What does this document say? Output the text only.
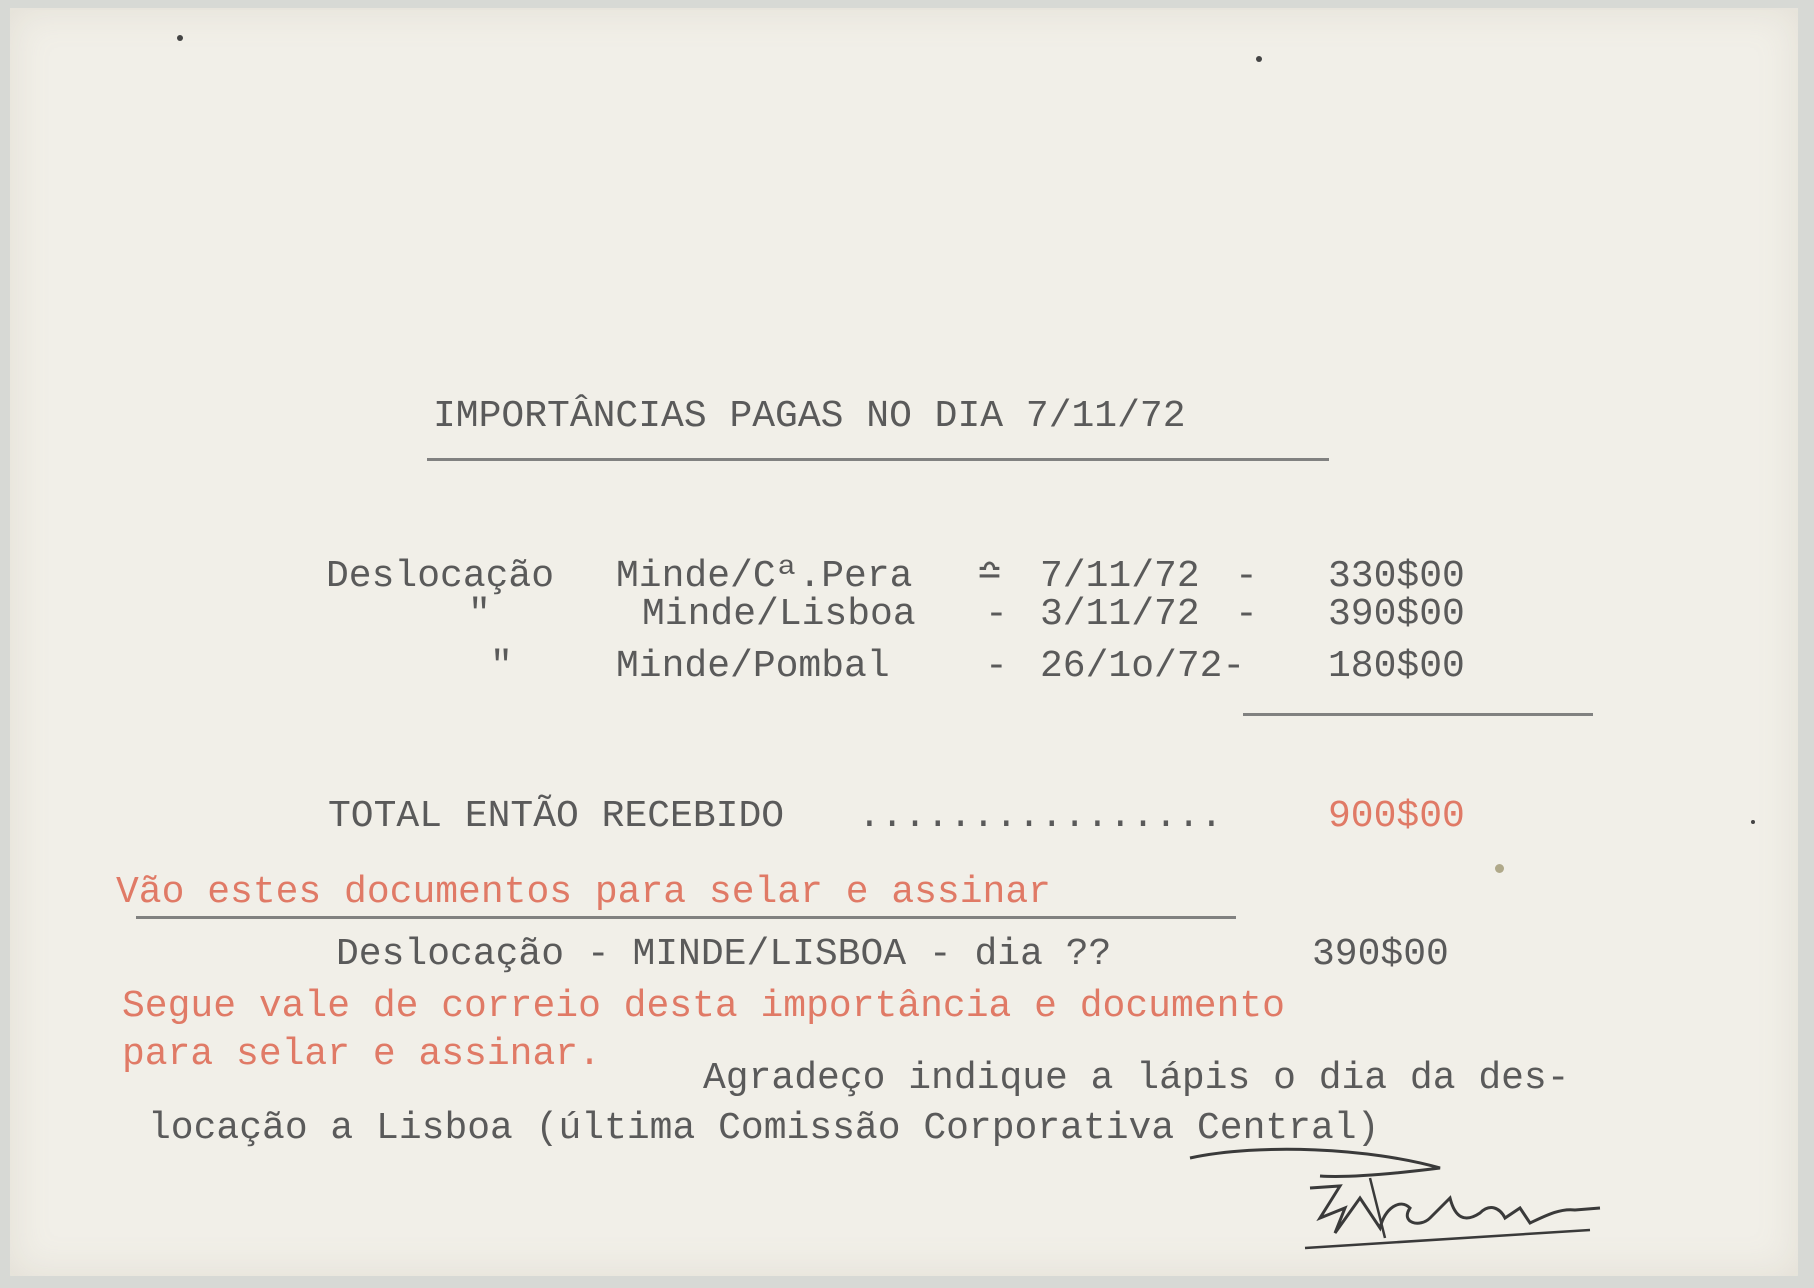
IMPORTÂNCIAS PAGAS NO DIA 7/11/72
Deslocação Minde/Cª.Pera ≏ 7/11/72 - 330$00
"	Minde/Lisboa - 3/11/72 - 390$00
"	Minde/Pombal	- 26/1o/72- 180$00
TOTAL ENTÃO RECEBIDO ................	900$00
Vão estes documentos para selar e assinar
Deslocação - MINDE/LISBOA - dia ??	390$00
Segue vale de correio desta importância e documento
para selar e assinar.
Agradeço indique a lápis o dia da des-
locação a Lisboa (última Comissão Corporativa Central)
